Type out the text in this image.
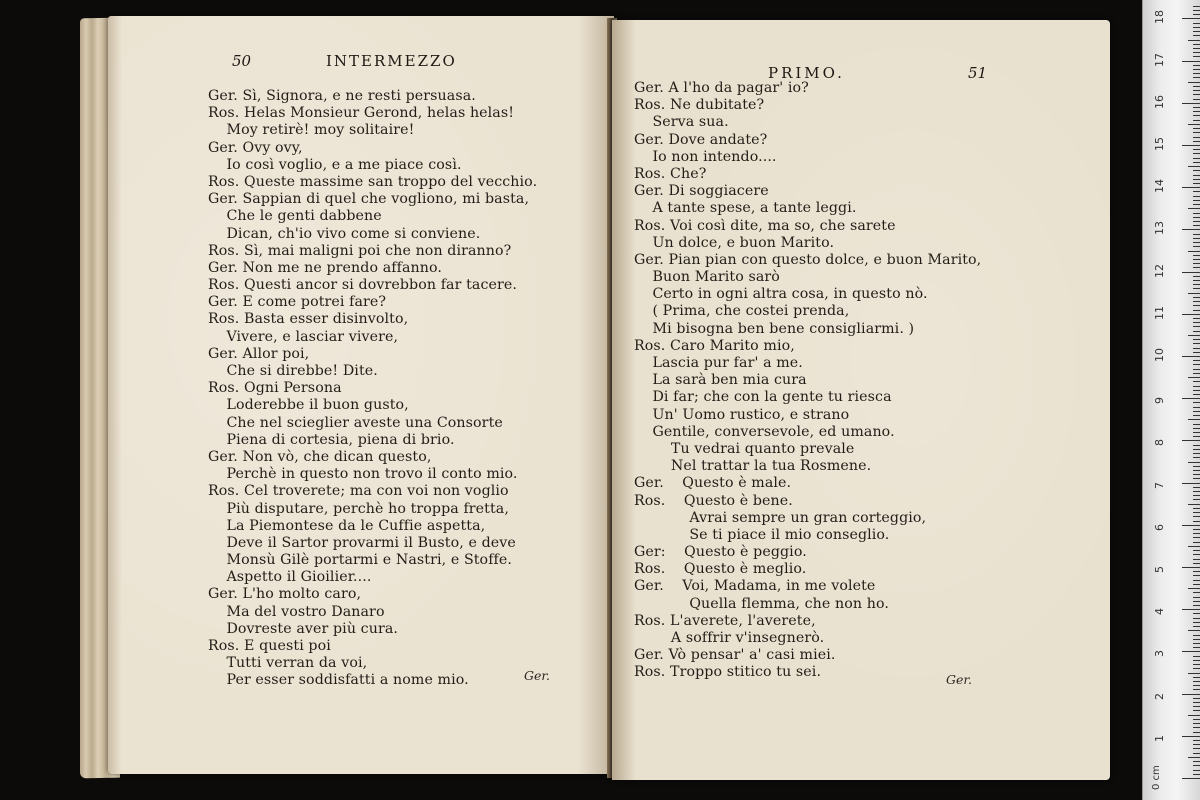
50	INTERMEZZO
Ger. Sì, Signora, e ne resti persuasa.
Ros. Helas Monsieur Gerond, helas helas!
Moy retirè! moy solitaire!
Ger. Ovy ovy,
Io così voglio, e a me piace così.
Ros. Queste massime san troppo del vecchio.
Ger. Sappian di quel che vogliono, mi basta,
Che le genti dabbene
Dican, ch'io vivo come si conviene.
Ros. Sì, mai maligni poi che non diranno?
Ger. Non me ne prendo affanno.
Ros. Questi ancor si dovrebbon far tacere.
Ger. E come potrei fare?
Ros. Basta esser disinvolto,
Vivere, e lasciar vivere,
Ger. Allor poi,
Che si direbbe! Dite.
Ros. Ogni Persona
Loderebbe il buon gusto,
Che nel scieglier aveste una Consorte
Piena di cortesia, piena di brio.
Ger. Non vò, che dican questo,
Perchè in questo non trovo il conto mio.
Ros. Cel troverete; ma con voi non voglio
Più disputare, perchè ho troppa fretta,
La Piemontese da le Cuffie aspetta,
Deve il Sartor provarmi il Busto, e deve
Monsù Gilè portarmi e Nastri, e Stoffe.
Aspetto il Gioilier....
Ger. L'ho molto caro,
Ma del vostro Danaro
Dovreste aver più cura.
Ros. E questi poi
Tutti verran da voi,
Per esser soddisfatti a nome mio.	Ger.
PRIMO.	51
Ger. A l'ho da pagar' io?
Ros. Ne dubitate?
Serva sua.
Ger. Dove andate?
Io non intendo....
Ros. Che?
Ger. Di soggiacere
A tante spese, a tante leggi.
Ros. Voi così dite, ma so, che sarete
Un dolce, e buon Marito.
Ger. Pian pian con questo dolce, e buon Marito,
Buon Marito sarò
Certo in ogni altra cosa, in questo nò.
( Prima, che costei prenda,
Mi bisogna ben bene consigliarmi. )
Ros. Caro Marito mio,
Lascia pur far' a me.
La sarà ben mia cura
Di far; che con la gente tu riesca
Un' Uomo rustico, e strano
Gentile, conversevole, ed umano.
Tu vedrai quanto prevale
Nel trattar la tua Rosmene.
Ger.    Questo è male.
Ros.    Questo è bene.
Avrai sempre un gran corteggio,
Se ti piace il mio conseglio.
Ger:    Questo è peggio.
Ros.    Questo è meglio.
Ger.    Voi, Madama, in me volete
Quella flemma, che non ho.
Ros. L'averete, l'averete,
A soffrir v'insegnerò.
Ger. Vò pensar' a' casi miei.
Ros. Troppo stitico tu sei.	Ger.
0 cm
1
2
3
4
5
6
7
8
9
10
11
12
13
14
15
16
17
18
